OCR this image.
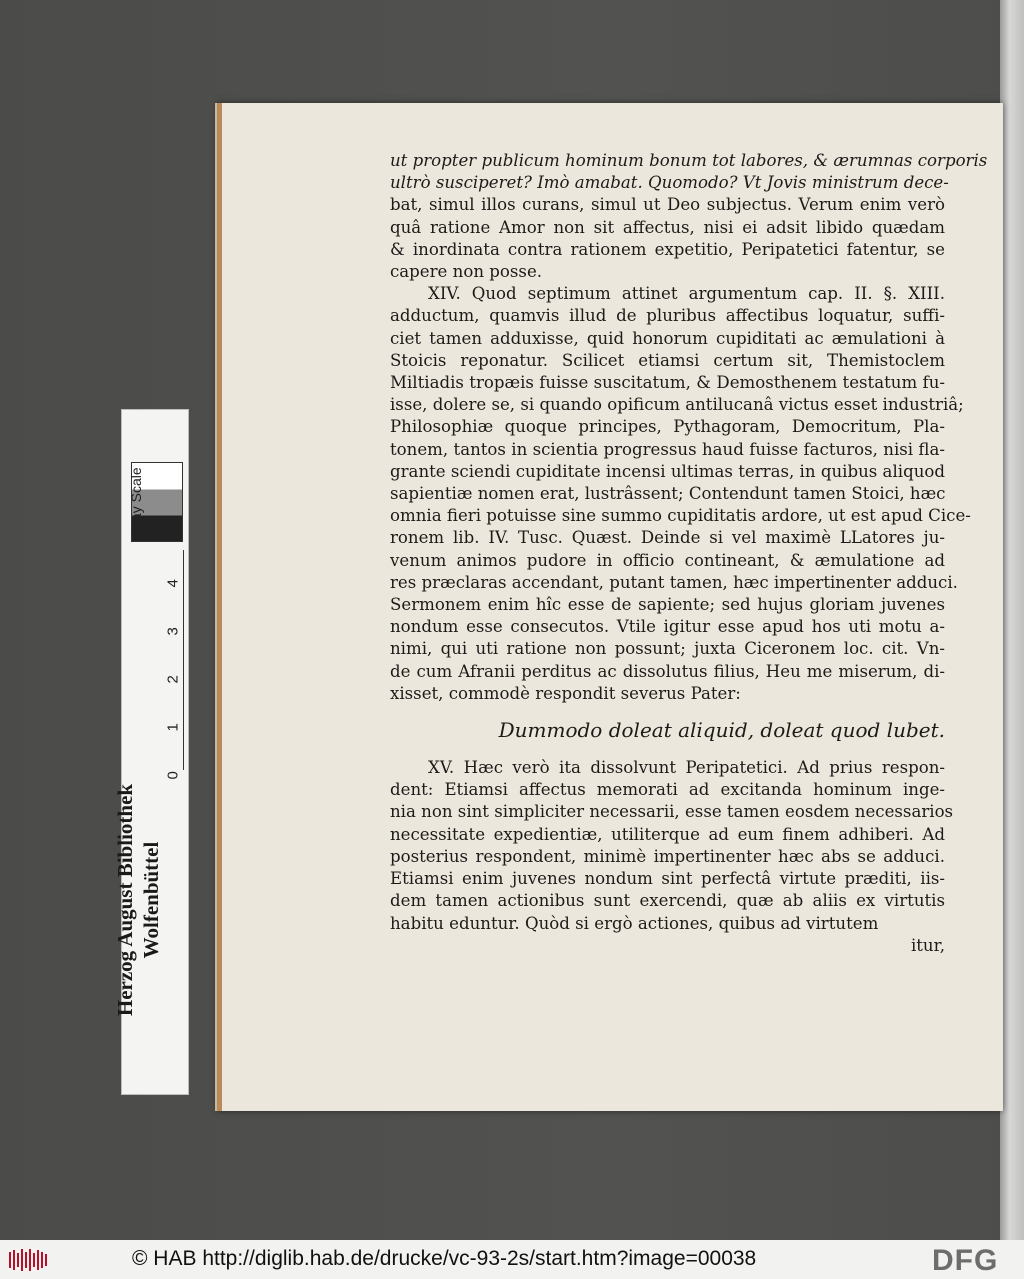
ut propter publicum hominum bonum tot labores, & ærumnas corporis
ultrò susciperet? Imò amabat. Quomodo? Vt Jovis ministrum dece-
bat, simul illos curans, simul ut Deo subjectus. Verum enim verò
quâ ratione Amor non sit affectus, nisi ei adsit libido quædam
& inordinata contra rationem expetitio, Peripatetici fatentur, se
capere non posse.
XIV. Quod septimum attinet argumentum cap. II. §. XIII.
adductum, quamvis illud de pluribus affectibus loquatur, suffi-
ciet tamen adduxisse, quid honorum cupiditati ac æmulationi à
Stoicis reponatur. Scilicet etiamsi certum sit, Themistoclem
Miltiadis tropæis fuisse suscitatum, & Demosthenem testatum fu-
isse, dolere se, si quando opificum antilucanâ victus esset industriâ;
Philosophiæ quoque principes, Pythagoram, Democritum, Pla-
tonem, tantos in scientia progressus haud fuisse facturos, nisi fla-
grante sciendi cupiditate incensi ultimas terras, in quibus aliquod
sapientiæ nomen erat, lustrâssent; Contendunt tamen Stoici, hæc
omnia fieri potuisse sine summo cupiditatis ardore, ut est apud Cice-
ronem lib. IV. Tusc. Quæst. Deinde si vel maximè LLatores ju-
venum animos pudore in officio contineant, & æmulatione ad
res præclaras accendant, putant tamen, hæc impertinenter adduci.
Sermonem enim hîc esse de sapiente; sed hujus gloriam juvenes
nondum esse consecutos. Vtile igitur esse apud hos uti motu a-
nimi, qui uti ratione non possunt; juxta Ciceronem loc. cit. Vn-
de cum Afranii perditus ac dissolutus filius, Heu me miserum, di-
xisset, commodè respondit severus Pater:
Dummodo doleat aliquid, doleat quod lubet.
XV. Hæc verò ita dissolvunt Peripatetici. Ad prius respon-
dent: Etiamsi affectus memorati ad excitanda hominum inge-
nia non sint simpliciter necessarii, esse tamen eosdem necessarios
necessitate expedientiæ, utiliterque ad eum finem adhiberi. Ad
posterius respondent, minimè impertinenter hæc abs se adduci.
Etiamsi enim juvenes nondum sint perfectâ virtute præditi, iis-
dem tamen actionibus sunt exercendi, quæ ab aliis ex virtutis
habitu eduntur. Quòd si ergò actiones, quibus ad virtutem
itur,
Herzog August Bibliothek Wolfenbüttel
Gray Scale
0
1
2
3
4
© HAB http://diglib.hab.de/drucke/vc-93-2s/start.htm?image=00038	DFG
